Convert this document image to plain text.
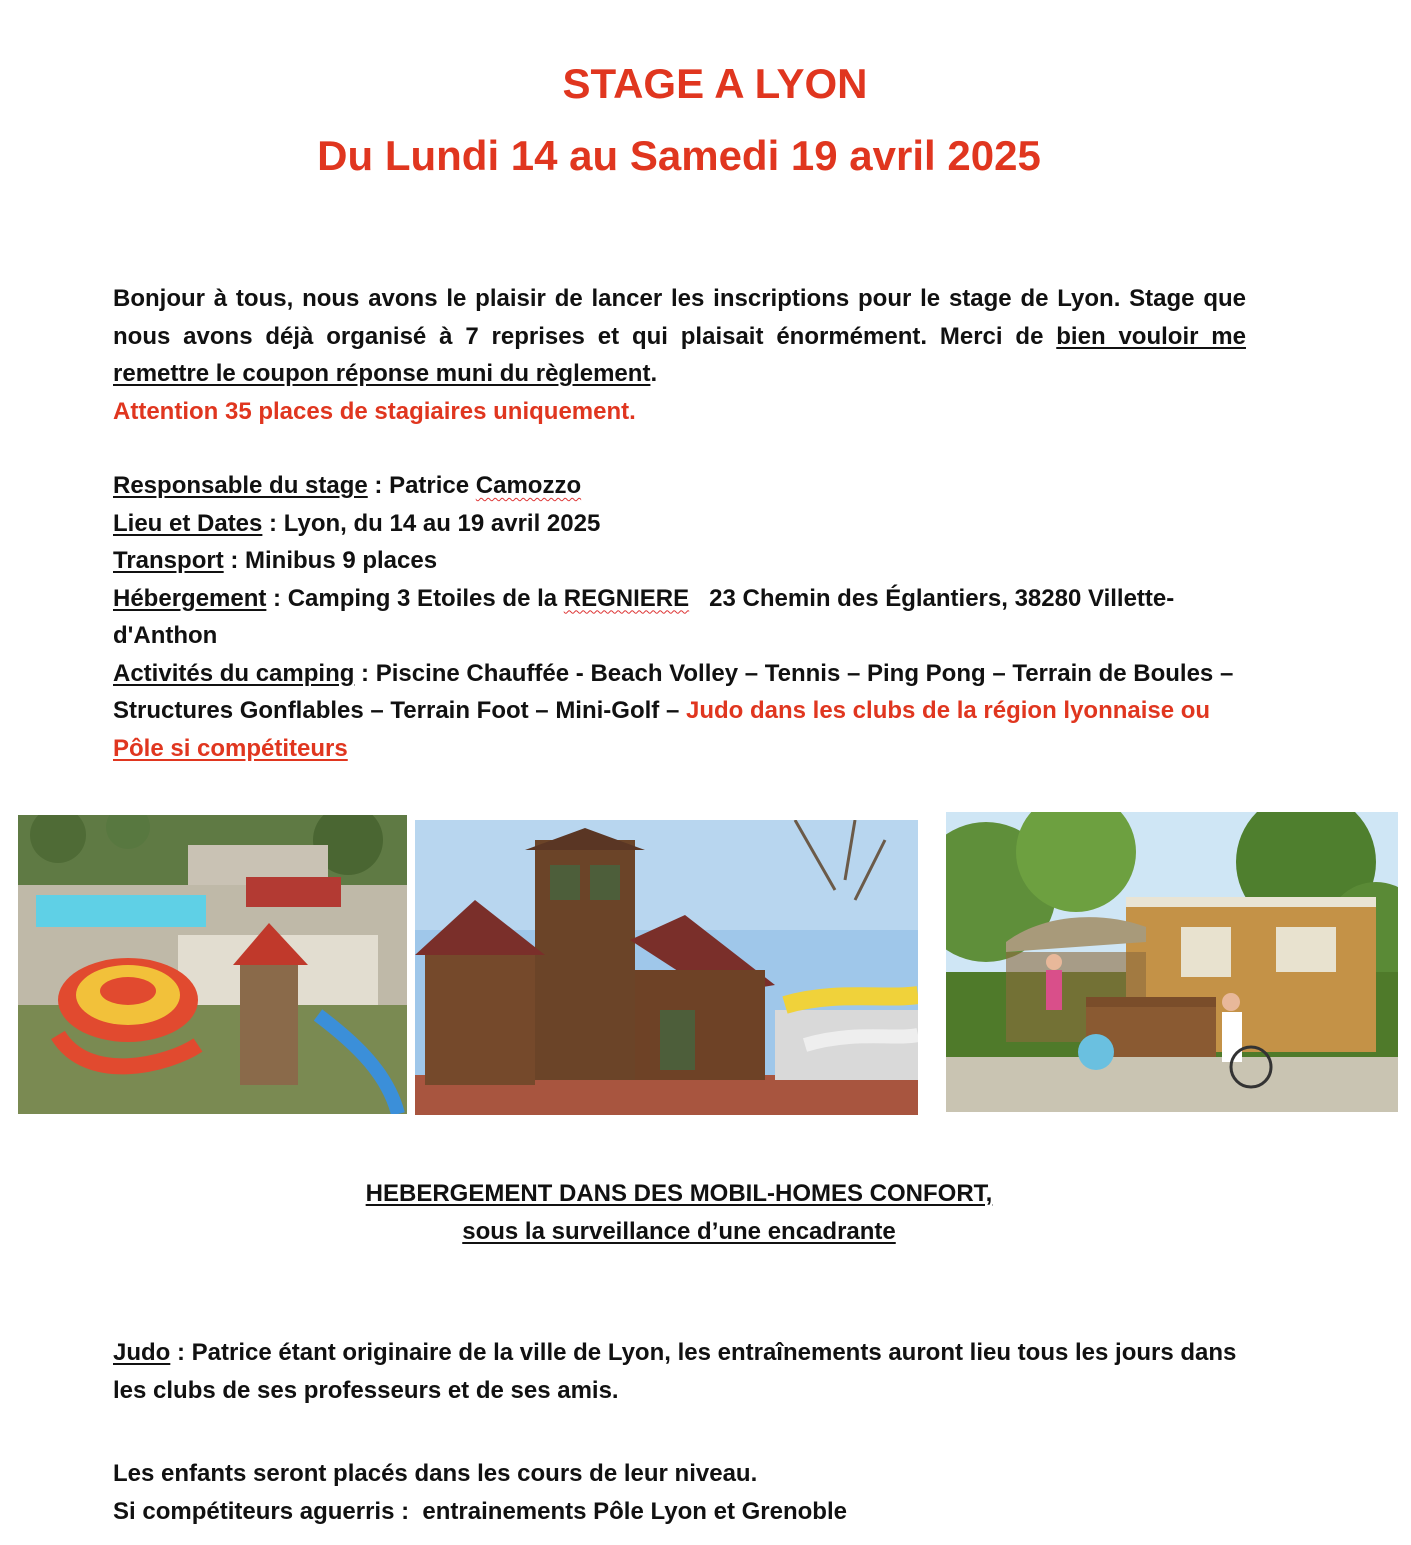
STAGE A LYON
Du Lundi 14 au Samedi 19 avril 2025

Bonjour à tous, nous avons le plaisir de lancer les inscriptions pour le stage de Lyon. Stage que nous avons déjà organisé à 7 reprises et qui plaisait énormément. Merci de bien vouloir me remettre le coupon réponse muni du règlement.

Attention 35 places de stagiaires uniquement.

Responsable du stage : Patrice Camozzo

Lieu et Dates : Lyon, du 14 au 19 avril 2025

Transport : Minibus 9 places

Hébergement : Camping 3 Etoiles de la REGNIERE   23 Chemin des Églantiers, 38280 Villette-d'Anthon

Activités du camping : Piscine Chauffée - Beach Volley – Tennis – Ping Pong – Terrain de Boules – Structures Gonflables – Terrain Foot – Mini-Golf – Judo dans les clubs de la région lyonnaise ou Pôle si compétiteurs

HEBERGEMENT DANS DES MOBIL-HOMES CONFORT,

sous la surveillance d’une encadrante

Judo : Patrice étant originaire de la ville de Lyon, les entraînements auront lieu tous les jours dans les clubs de ses professeurs et de ses amis.

Les enfants seront placés dans les cours de leur niveau.

Si compétiteurs aguerris :  entrainements Pôle Lyon et Grenoble
